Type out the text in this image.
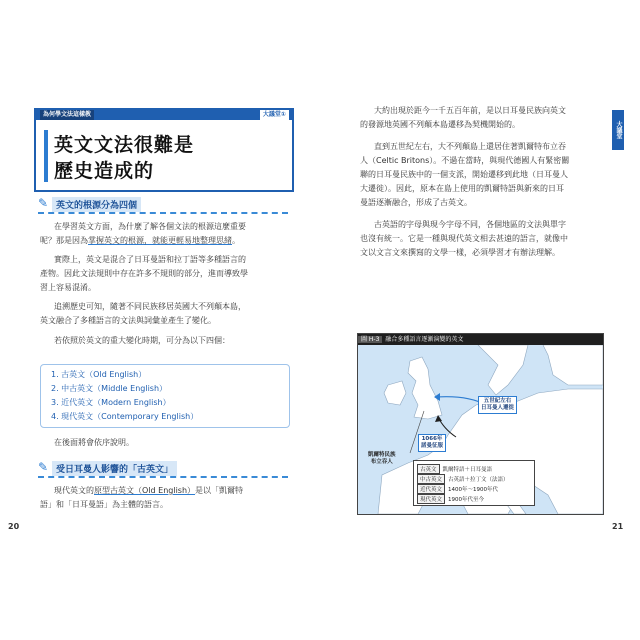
為何學文法這樣教	大議堂①
英文文法很難是
歷史造成的
✎ 英文的根源分為四個
在學習英文方面，為什麼了解各個文法的根源這麼重要
呢？那是因為掌握英文的根源，就能更輕易地整理思緒。
實際上，英文是混合了日耳曼語和拉丁語等多種語言的
產物。因此文法規則中存在許多不規則的部分，進而導致學
習上容易混淆。
追溯歷史可知，隨著不同民族移居英國大不列顛本島，
英文融合了多種語言的文法與詞彙並產生了變化。
若依照於英文的重大變化時期，可分為以下四個：
1. 古英文（Old English）
2. 中古英文（Middle English）
3. 近代英文（Modern English）
4. 現代英文（Contemporary English）
在後面將會依序說明。
✎ 受日耳曼人影響的「古英文」
現代英文的原型古英文（Old English）是以「凱爾特
語」和「日耳曼語」為主體的語言。
20
大約出現於距今一千五百年前，是以日耳曼民族向英文
的發源地英國不列顛本島遷移為契機開始的。
直到五世紀左右，大不列顛島上還居住著凱爾特布立吞
人（Celtic Britons）。不過在當時，與現代德國人有緊密關
聯的日耳曼民族中的一個支派，開始遷移到此地（日耳曼人
大遷徙）。因此，原本在島上使用的凱爾特語與新來的日耳
曼語逐漸融合，形成了古英文。
古英語的字母與現今字母不同，各個地區的文法與單字
也沒有統一。它是一種與現代英文相去甚遠的語言，就像中
文以文言文來撰寫的文學一樣，必須學習才有辦法理解。
21
大議堂
圖 H-3 融合多種語言逐漸演變的英文
五世紀左右
日耳曼人遷徙
1066年
諾曼征服
凱爾特民族
布立吞人
古英文 凱爾特語＋日耳曼語
中古英文 古英語＋拉丁文（法語）
近代英文 1400年～1900年代
現代英文 1900年代至今
